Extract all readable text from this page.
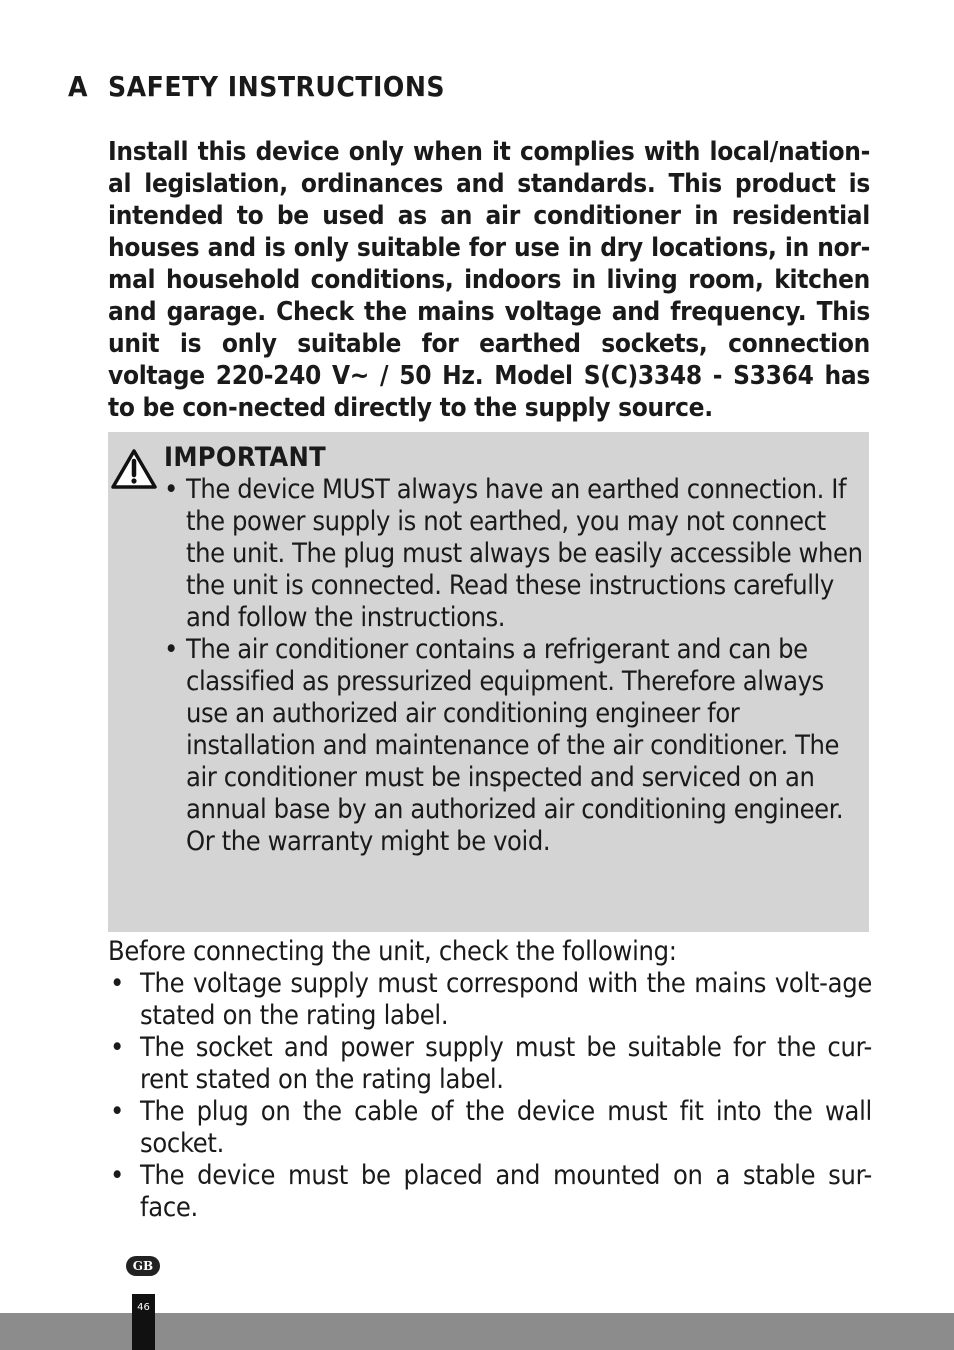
A SAFETY INSTRUCTIONS
Install this device only when it complies with local/nation-al legislation, ordinances and standards. This product is intended to be used as an air conditioner in residential houses and is only suitable for use in dry locations, in nor-mal household conditions, indoors in living room, kitchen and garage. Check the mains voltage and frequency. This unit is only suitable for earthed sockets, connection voltage 220-240 V~ / 50 Hz. Model S(C)3348 - S3364 has to be con-nected directly to the supply source.
IMPORTANT
• The device MUST always have an earthed connection. If the power supply is not earthed, you may not connect the unit. The plug must always be easily accessible when the unit is connected. Read these instructions carefully and follow the instructions.
• The air conditioner contains a refrigerant and can be classified as pressurized equipment. Therefore always use an authorized air conditioning engineer for installation and maintenance of the air conditioner. The air conditioner must be inspected and serviced on an annual base by an authorized air conditioning engineer. Or the warranty might be void.
Before connecting the unit, check the following:
• The voltage supply must correspond with the mains volt-age stated on the rating label.
• The socket and power supply must be suitable for the cur-rent stated on the rating label.
• The plug on the cable of the device must fit into the wall socket.
• The device must be placed and mounted on a stable sur-face.
GB
46
